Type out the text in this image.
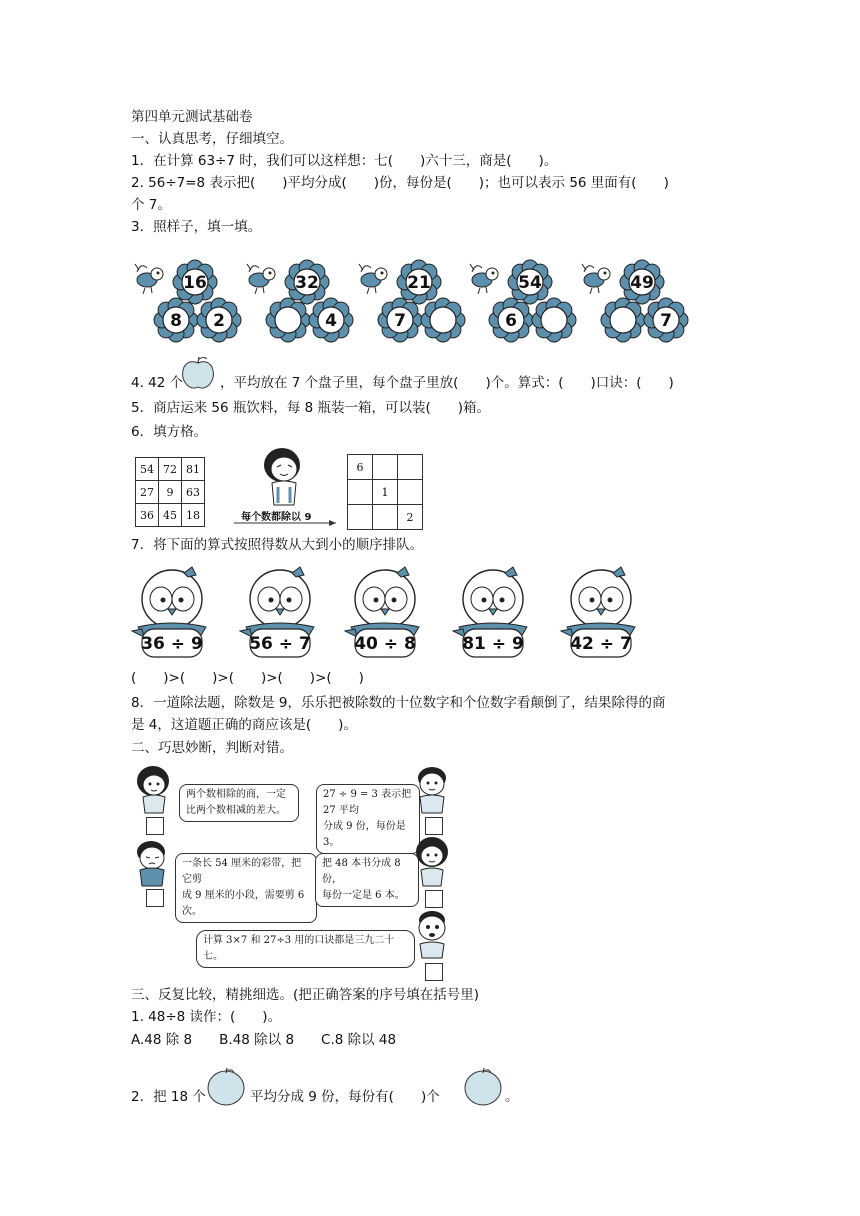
第四单元测试基础卷
一、认真思考，仔细填空。
1．在计算 63÷7 时，我们可以这样想：七(　　)六十三，商是(　　)。
2. 56÷7=8 表示把(　　)平均分成(　　)份，每份是(　　)；也可以表示 56 里面有(　　)
个 7。
3．照样子，填一填。
16
8 2
32
4
21
7
54
6
49
7
4. 42 个	，平均放在 7 个盘子里，每个盘子里放(　　)个。算式：(　　)口诀：(　　)
5．商店运来 56 瓶饮料，每 8 瓶装一箱，可以装(　　)箱。
6．填方格。
54	72	81
27	9	63
36	45	18	每个数都除以 9
6		
	1	
		2
7．将下面的算式按照得数从大到小的顺序排队。
36 ÷ 9	56 ÷ 7	40 ÷ 8	81 ÷ 9	42 ÷ 7
(　　)>(　　)>(　　)>(　　)>(　　)
8．一道除法题，除数是 9，乐乐把被除数的十位数字和个位数字看颠倒了，结果除得的商
是 4，这道题正确的商应该是(　　)。
二、巧思妙断，判断对错。
两个数相除的商，一定
比两个数相减的差大。
27 ÷ 9 = 3 表示把 27 平均
分成 9 份，每份是 3。
一条长 54 厘米的彩带，把它剪
成 9 厘米的小段，需要剪 6 次。
把 48 本书分成 8 份，
每份一定是 6 本。
计算 3×7 和 27÷3 用的口诀都是三九二十七。
三、反复比较，精挑细选。(把正确答案的序号填在括号里)
1. 48÷8 读作：(　　)。
A.48 除 8　　B.48 除以 8　　C.8 除以 48
2．把 18 个	平均分成 9 份，每份有(　　)个	。
